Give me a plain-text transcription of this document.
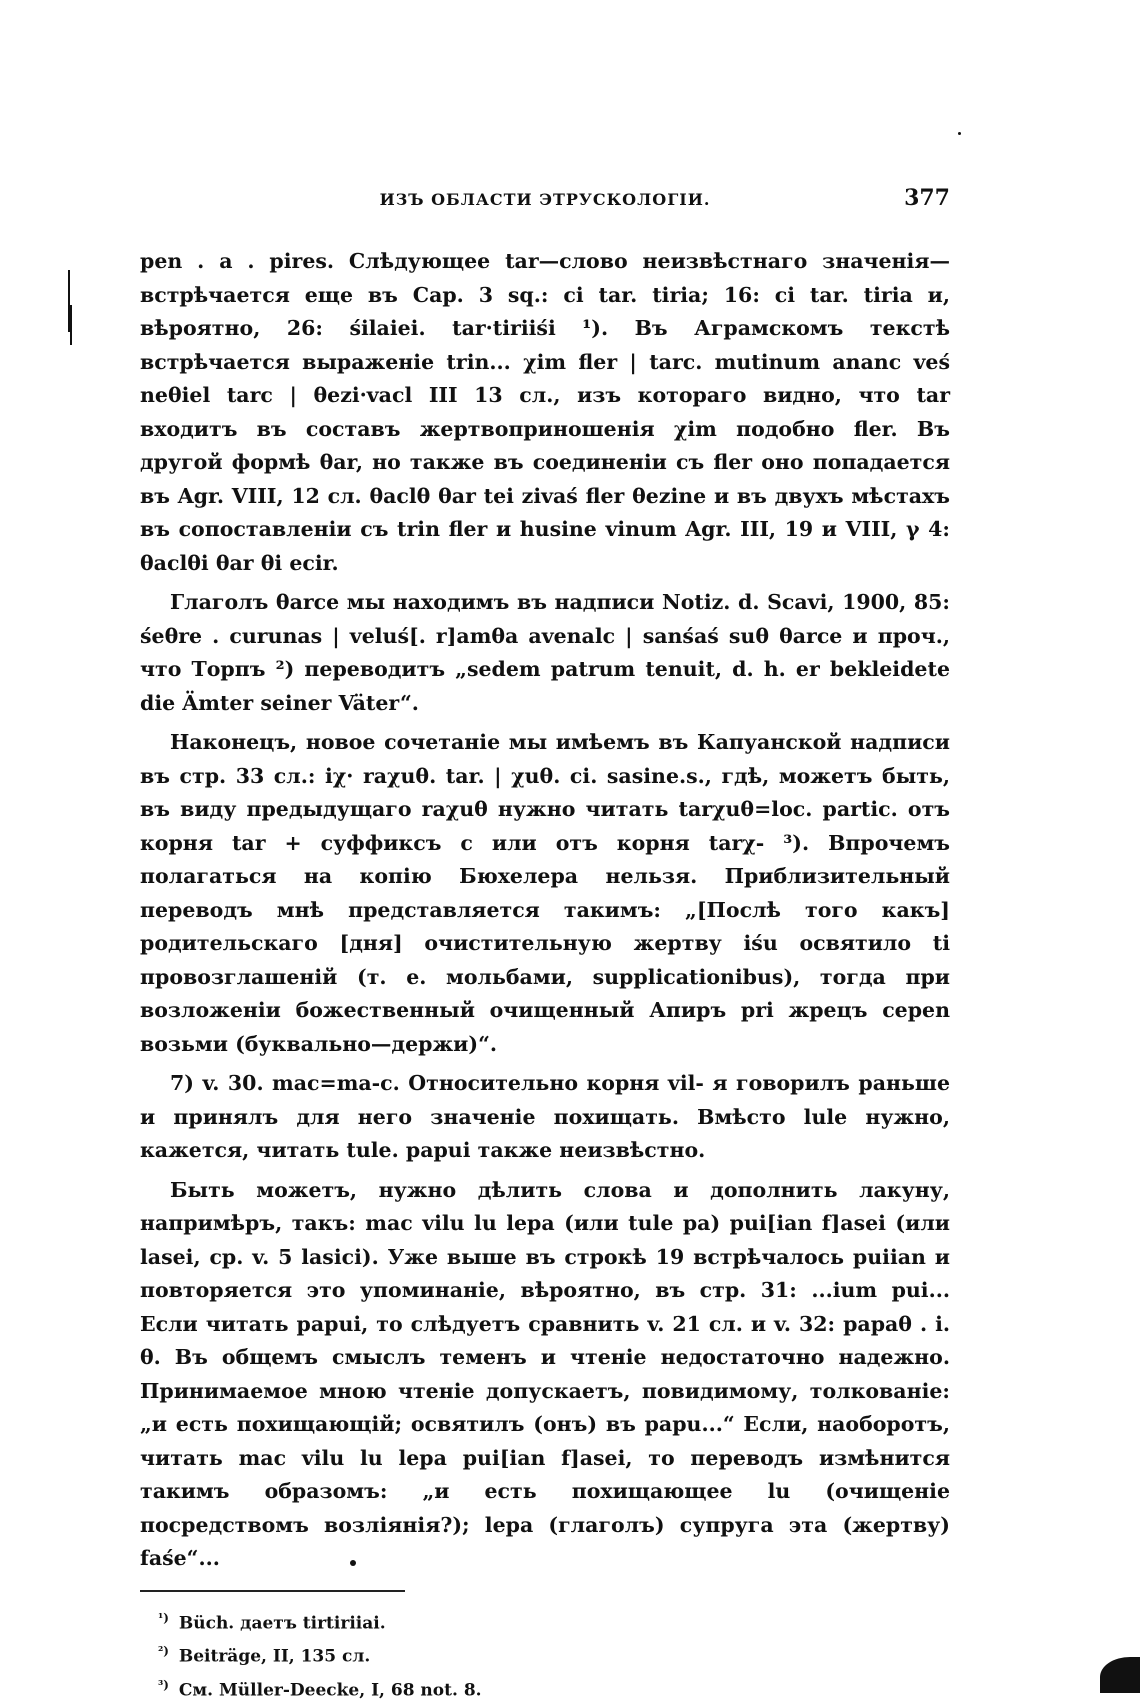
ИЗЪ ОБЛАСТИ ЭТРУСКОЛОГІИ.	377

pen . a . pires. Слѣдующее tar—слово неизвѣстнаго значенія—встрѣчается еще въ Cap. 3 sq.: ci tar. tiria; 16: ci tar. tiria и, вѣроятно, 26: śilaiei. tar·tiriiśi ¹). Въ Аграмскомъ текстѣ встрѣчается выраженіе trin... χim fler | tarc. mutinum ananc veś neθiel tarc | θezi·vacl III 13 сл., изъ котораго видно, что tar входитъ въ составъ жертвоприношенія χim подобно fler. Въ другой формѣ θar, но также въ соединеніи съ fler оно попадается въ Agr. VIII, 12 сл. θaclθ θar tei zivaś fler θezine и въ двухъ мѣстахъ въ сопоставленіи съ trin fler и husine vinum Agr. III, 19 и VIII, γ 4: θaclθi θar θi ecir.

Глаголъ θarce мы находимъ въ надписи Notiz. d. Scavi, 1900, 85: śeθre . curunas | veluś[. r]amθa avenalc | sanśaś suθ θarce и проч., что Торпъ ²) переводитъ „sedem patrum tenuit, d. h. er bekleidete die Ämter seiner Väter“.

Наконецъ, новое сочетаніе мы имѣемъ въ Капуанской надписи въ стр. 33 сл.: iχ· raχuθ. tar. | χuθ. ci. sasine.s., гдѣ, можетъ быть, въ виду предыдущаго raχuθ нужно читать tarχuθ=loc. partic. отъ корня tar + суффиксъ c или отъ корня tarχ- ³). Впрочемъ полагаться на копію Бюхелера нельзя. Приблизительный переводъ мнѣ представляется такимъ: „[Послѣ того какъ] родительскаго [дня] очистительную жертву iśu освятило ti провозглашеній (т. е. мольбами, supplicationibus), тогда при возложеніи божественный очищенный Апиръ pri жрецъ cepen возьми (буквально—держи)“.

7) v. 30. mac=ma-c. Относительно корня vil- я говорилъ раньше и принялъ для него значеніе похищать. Вмѣсто lule нужно, кажется, читать tule. papui также неизвѣстно.

Быть можетъ, нужно дѣлить слова и дополнить лакуну, напримѣръ, такъ: mac vilu lu lepa (или tule pa) pui[ian f]asei (или lasei, ср. v. 5 lasici). Уже выше въ строкѣ 19 встрѣчалось puiian и повторяется это упоминаніе, вѣроятно, въ стр. 31: ...ium pui... Если читать papui, то слѣдуетъ сравнить v. 21 сл. и v. 32: papaθ . i. θ. Въ общемъ смыслъ теменъ и чтеніе недостаточно надежно. Принимаемое мною чтеніе допускаетъ, повидимому, толкованіе: „и есть похищающій; освятилъ (онъ) въ papu...“ Если, наоборотъ, читать mac vilu lu lepa pui[ian f]asei, то переводъ измѣнится такимъ образомъ: „и есть похищающее lu (очищеніе посредствомъ возліянія?); lepa (глаголъ) супруга эта (жертву) faśe“...

$^{^1)}$ Büch. даетъ tirtiriiai.

$^{^2)}$ Beiträge, II, 135 сл.

$^{^3)}$ См. Müller-Deecke, I, 68 not. 8.
